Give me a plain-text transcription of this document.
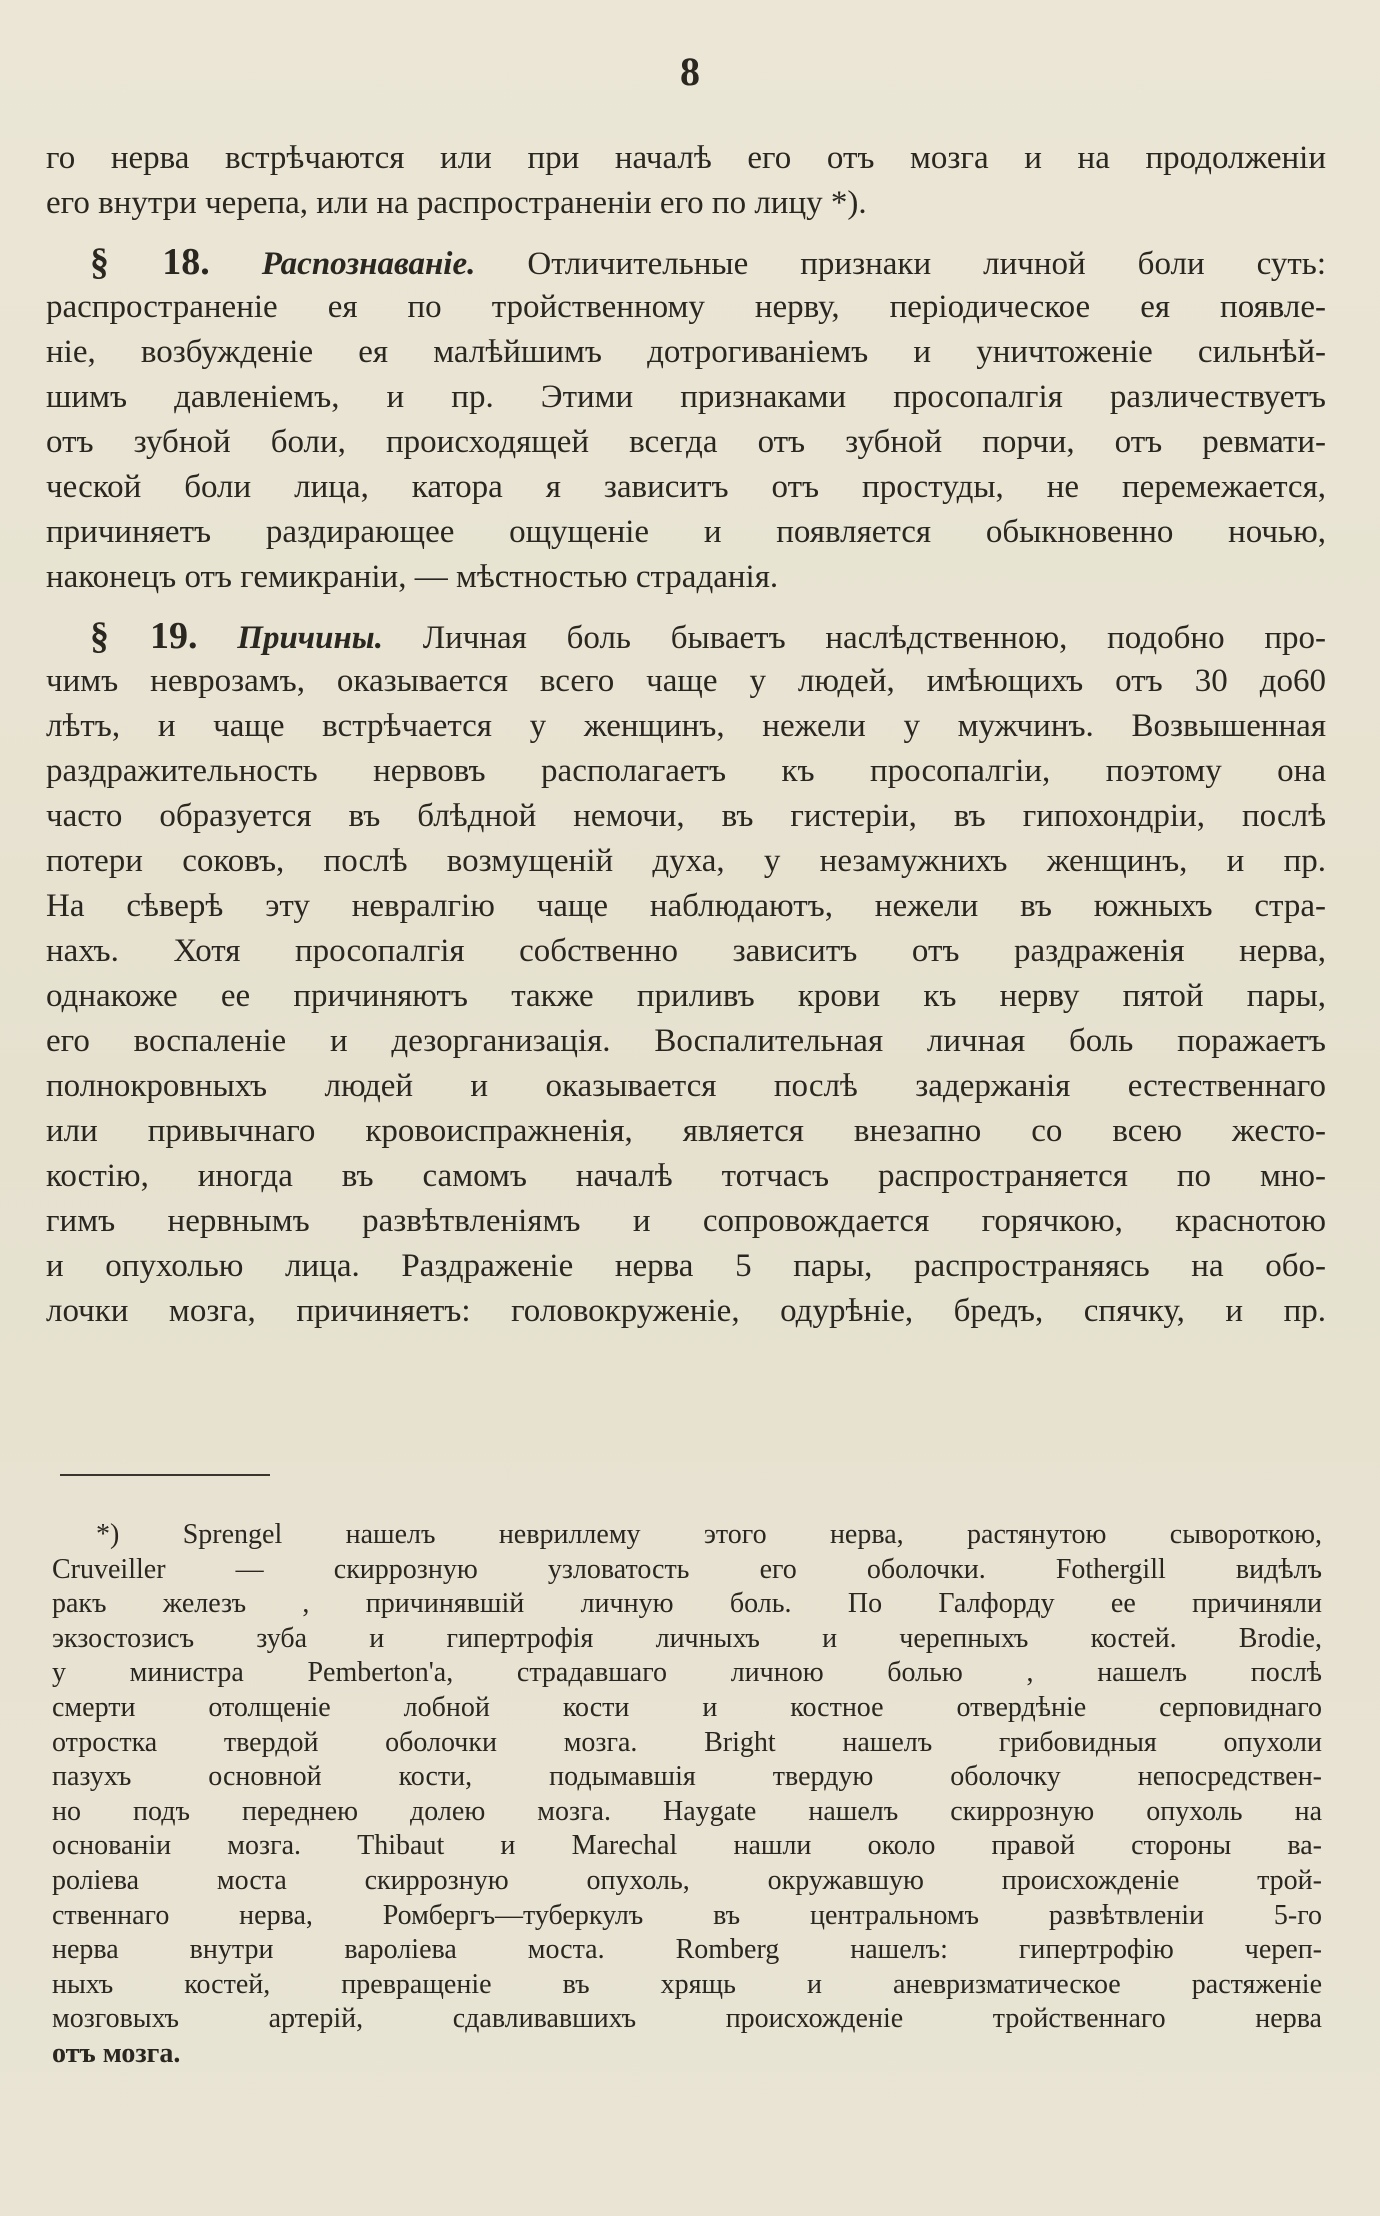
8
го нерва встрѣчаются или при началѣ его отъ мозга и на продолженіи
его внутри черепа, или на распространеніи его по лицу *).
§ 18. Распознаваніе. Отличительные признаки личной боли суть:
распространеніе ея по тройственному нерву, періодическое ея появле-
ніе, возбужденіе ея малѣйшимъ дотрогиваніемъ и уничтоженіе сильнѣй-
шимъ давленіемъ, и пр. Этими признаками просопалгія различествуетъ
отъ зубной боли, происходящей всегда отъ зубной порчи, отъ ревмати-
ческой боли лица, катора я зависитъ отъ простуды, не перемежается,
причиняетъ раздирающее ощущеніе и появляется обыкновенно ночью,
наконецъ отъ гемикраніи, — мѣстностью страданія.
§ 19. Причины. Личная боль бываетъ наслѣдственною, подобно про-
чимъ неврозамъ, оказывается всего чаще у людей, имѣющихъ отъ 30 до60
лѣтъ, и чаще встрѣчается у женщинъ, нежели у мужчинъ. Возвышенная
раздражительность нервовъ располагаетъ къ просопалгіи, поэтому она
часто образуется въ блѣдной немочи, въ гистеріи, въ гипохондріи, послѣ
потери соковъ, послѣ возмущеній духа, у незамужнихъ женщинъ, и пр.
На сѣверѣ эту невралгію чаще наблюдаютъ, нежели въ южныхъ стра-
нахъ. Хотя просопалгія собственно зависитъ отъ раздраженія нерва,
однакоже ее причиняютъ также приливъ крови къ нерву пятой пары,
его воспаленіе и дезорганизація. Воспалительная личная боль поражаетъ
полнокровныхъ людей и оказывается послѣ задержанія естественнаго
или привычнаго кровоиспражненія, является внезапно со всею жесто-
костію, иногда въ самомъ началѣ тотчасъ распространяется по мно-
гимъ нервнымъ развѣтвленіямъ и сопровождается горячкою, краснотою
и опухолью лица. Раздраженіе нерва 5 пары, распространяясь на обо-
лочки мозга, причиняетъ: головокруженіе, одурѣніе, бредъ, спячку, и пр.
*) Sprengel нашелъ невриллему этого нерва, растянутою сывороткою,
Cruveiller — скиррозную узловатость его оболочки. Fothergill видѣлъ
ракъ железъ , причинявшій личную боль. По Галфорду ее причиняли
экзостозисъ зуба и гипертрофія личныхъ и черепныхъ костей. Brodie,
у министра Pemberton'а, страдавшаго личною болью , нашелъ послѣ
смерти отолщеніе лобной кости и костное отвердѣніе серповиднаго
отростка твердой оболочки мозга. Bright нашелъ грибовидныя опухоли
пазухъ основной кости, подымавшія твердую оболочку непосредствен-
но подъ переднею долею мозга. Haygate нашелъ скиррозную опухоль на
основаніи мозга. Thibaut и Marechal нашли около правой стороны ва-
роліева моста скиррозную опухоль, окружавшую происхожденіе трой-
ственнаго нерва, Ромбергъ—туберкулъ въ центральномъ развѣтвленіи 5-го
нерва внутри вароліева моста. Romberg нашелъ: гипертрофію череп-
ныхъ костей, превращеніе въ хрящь и аневризматическое растяженіе
мозговыхъ артерій, сдавливавшихъ происхожденіе тройственнаго нерва
отъ мозга.
